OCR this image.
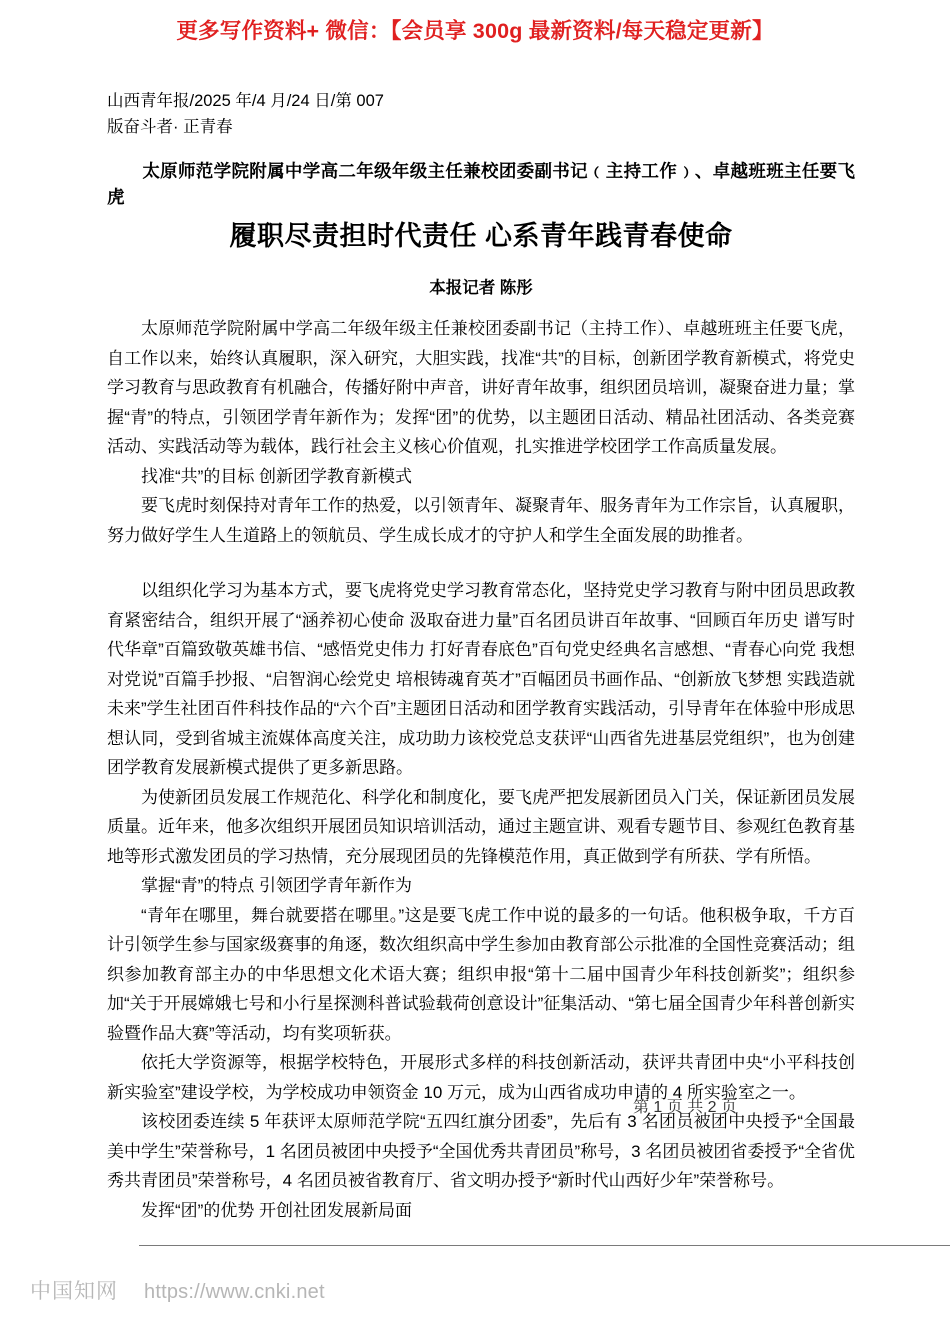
更多写作资料+ 微信：【会员享 300g 最新资料/每天稳定更新】
山西青年报/2025 年/4 月/24 日/第 007
版奋斗者· 正青春
太原师范学院附属中学高二年级年级主任兼校团委副书记﹙主持工作﹚、卓越班班主任要飞虎
履职尽责担时代责任 心系青年践青春使命
本报记者 陈彤

太原师范学院附属中学高二年级年级主任兼校团委副书记（主持工作）、卓越班班主任要飞虎，自工作以来，始终认真履职，深入研究，大胆实践，找准“共”的目标，创新团学教育新模式，将党史学习教育与思政教育有机融合，传播好附中声音，讲好青年故事，组织团员培训，凝聚奋进力量；掌握“青”的特点，引领团学青年新作为；发挥“团”的优势，以主题团日活动、精品社团活动、各类竞赛活动、实践活动等为载体，践行社会主义核心价值观，扎实推进学校团学工作高质量发展。

找准“共”的目标 创新团学教育新模式

要飞虎时刻保持对青年工作的热爱，以引领青年、凝聚青年、服务青年为工作宗旨，认真履职，努力做好学生人生道路上的领航员、学生成长成才的守护人和学生全面发展的助推者。

以组织化学习为基本方式，要飞虎将党史学习教育常态化，坚持党史学习教育与附中团员思政教育紧密结合，组织开展了“涵养初心使命 汲取奋进力量”百名团员讲百年故事、“回顾百年历史 谱写时代华章”百篇致敬英雄书信、“感悟党史伟力 打好青春底色”百句党史经典名言感想、“青春心向党 我想对党说”百篇手抄报、“启智润心绘党史 培根铸魂育英才”百幅团员书画作品、“创新放飞梦想 实践造就未来”学生社团百件科技作品的“六个百”主题团日活动和团学教育实践活动，引导青年在体验中形成思想认同，受到省城主流媒体高度关注，成功助力该校党总支获评“山西省先进基层党组织”，也为创建团学教育发展新模式提供了更多新思路。

为使新团员发展工作规范化、科学化和制度化，要飞虎严把发展新团员入门关，保证新团员发展质量。近年来，他多次组织开展团员知识培训活动，通过主题宣讲、观看专题节目、参观红色教育基地等形式激发团员的学习热情，充分展现团员的先锋模范作用，真正做到学有所获、学有所悟。

掌握“青”的特点 引领团学青年新作为

“青年在哪里，舞台就要搭在哪里。”这是要飞虎工作中说的最多的一句话。他积极争取，千方百计引领学生参与国家级赛事的角逐，数次组织高中学生参加由教育部公示批准的全国性竞赛活动；组织参加教育部主办的中华思想文化术语大赛；组织申报“第十二届中国青少年科技创新奖”；组织参加“关于开展嫦娥七号和小行星探测科普试验载荷创意设计”征集活动、“第七届全国青少年科普创新实验暨作品大赛”等活动，均有奖项斩获。

依托大学资源等，根据学校特色，开展形式多样的科技创新活动，获评共青团中央“小平科技创新实验室”建设学校，为学校成功申领资金 10 万元，成为山西省成功申请的 4 所实验室之一。

该校团委连续 5 年获评太原师范学院“五四红旗分团委”，先后有 3 名团员被团中央授予“全国最美中学生”荣誉称号，1 名团员被团中央授予“全国优秀共青团员”称号，3 名团员被团省委授予“全省优秀共青团员”荣誉称号，4 名团员被省教育厅、省文明办授予“新时代山西好少年”荣誉称号。

发挥“团”的优势 开创社团发展新局面

第 1 页 共 2 页
中国知网 https://www.cnki.net
